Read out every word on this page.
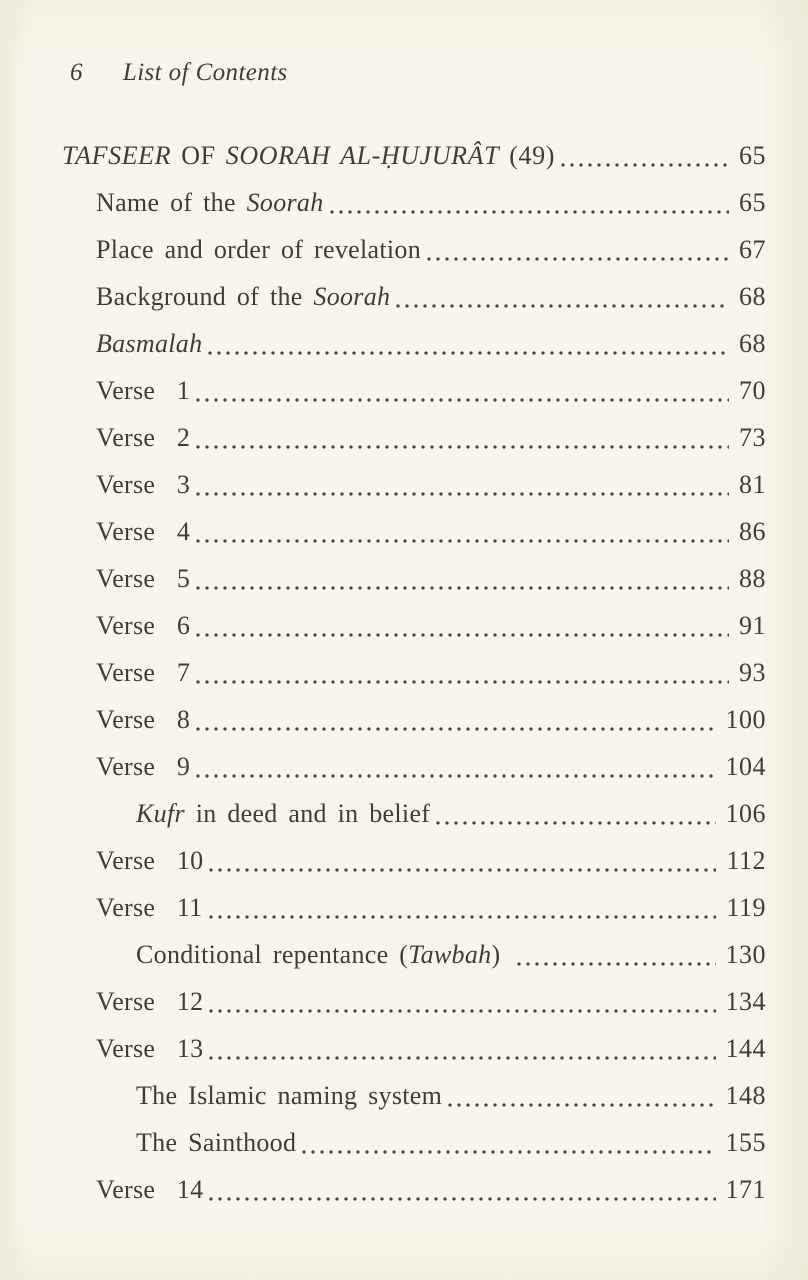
6 List of Contents
TAFSEER OF SOORAH AL-ḤUJURÂT (49)	65
Name of the Soorah	65
Place and order of revelation	67
Background of the Soorah	68
Basmalah	68
Verse  1	70
Verse  2	73
Verse  3	81
Verse  4	86
Verse  5	88
Verse  6	91
Verse  7	93
Verse  8	100
Verse  9	104
Kufr in deed and in belief	106
Verse  10	112
Verse  11	119
Conditional repentance (Tawbah)	130
Verse  12	134
Verse  13	144
The Islamic naming system	148
The Sainthood	155
Verse  14	171
